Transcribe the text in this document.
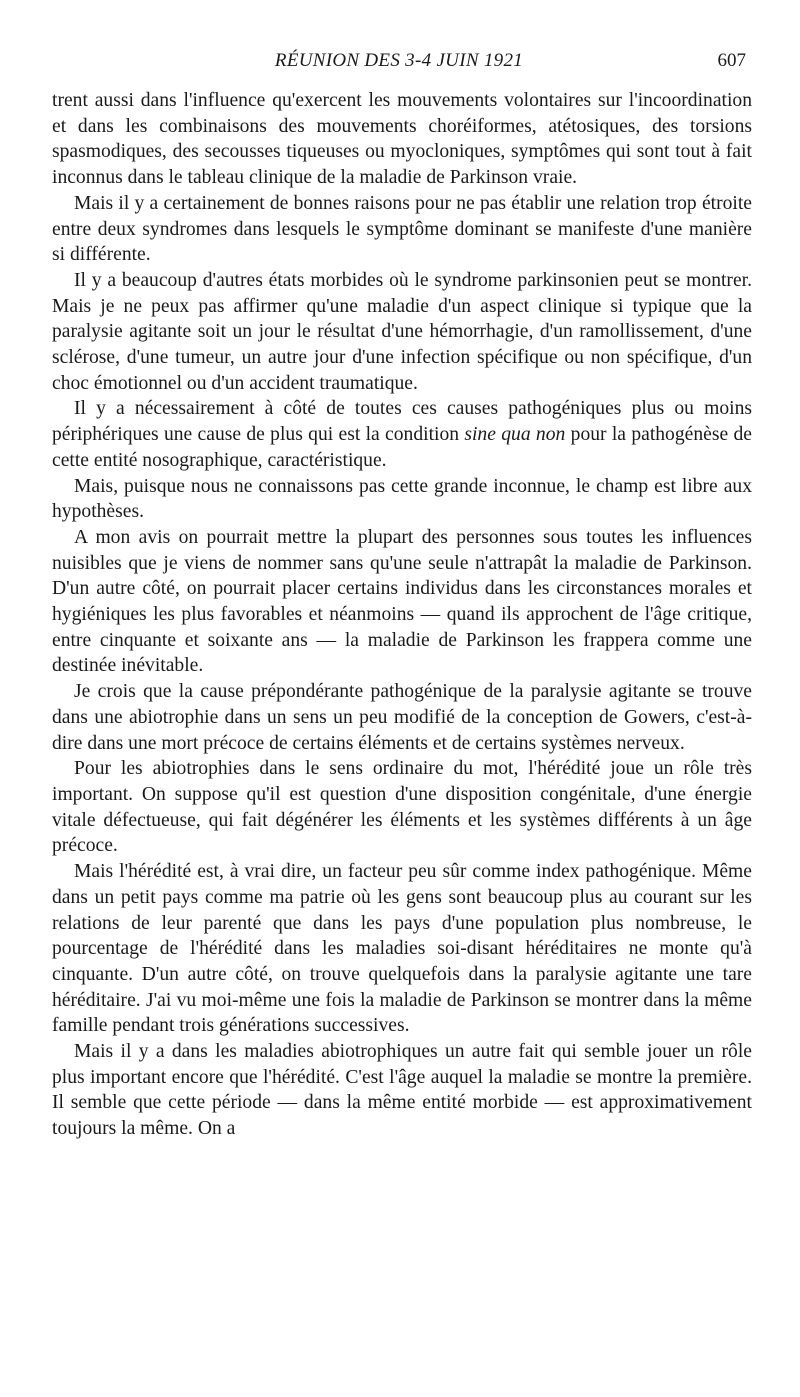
RÉUNION DES 3-4 JUIN 1921	607

trent aussi dans l'influence qu'exercent les mouvements volontaires sur l'incoordination et dans les combinaisons des mouvements choréiformes, atétosiques, des torsions spasmodiques, des secousses tiqueuses ou myocloniques, symptômes qui sont tout à fait inconnus dans le tableau clinique de la maladie de Parkinson vraie.

Mais il y a certainement de bonnes raisons pour ne pas établir une relation trop étroite entre deux syndromes dans lesquels le symptôme dominant se manifeste d'une manière si différente.

Il y a beaucoup d'autres états morbides où le syndrome parkinsonien peut se montrer. Mais je ne peux pas affirmer qu'une maladie d'un aspect clinique si typique que la paralysie agitante soit un jour le résultat d'une hémorrhagie, d'un ramollissement, d'une sclérose, d'une tumeur, un autre jour d'une infection spécifique ou non spécifique, d'un choc émotionnel ou d'un accident traumatique.

Il y a nécessairement à côté de toutes ces causes pathogéniques plus ou moins périphériques une cause de plus qui est la condition sine qua non pour la pathogénèse de cette entité nosographique, caractéristique.

Mais, puisque nous ne connaissons pas cette grande inconnue, le champ est libre aux hypothèses.

A mon avis on pourrait mettre la plupart des personnes sous toutes les influences nuisibles que je viens de nommer sans qu'une seule n'attrapât la maladie de Parkinson. D'un autre côté, on pourrait placer certains individus dans les circonstances morales et hygiéniques les plus favorables et néanmoins — quand ils approchent de l'âge critique, entre cinquante et soixante ans — la maladie de Parkinson les frappera comme une destinée inévitable.

Je crois que la cause prépondérante pathogénique de la paralysie agitante se trouve dans une abiotrophie dans un sens un peu modifié de la conception de Gowers, c'est-à-dire dans une mort précoce de certains éléments et de certains systèmes nerveux.

Pour les abiotrophies dans le sens ordinaire du mot, l'hérédité joue un rôle très important. On suppose qu'il est question d'une disposition congénitale, d'une énergie vitale défectueuse, qui fait dégénérer les éléments et les systèmes différents à un âge précoce.

Mais l'hérédité est, à vrai dire, un facteur peu sûr comme index pathogénique. Même dans un petit pays comme ma patrie où les gens sont beaucoup plus au courant sur les relations de leur parenté que dans les pays d'une population plus nombreuse, le pourcentage de l'hérédité dans les maladies soi-disant héréditaires ne monte qu'à cinquante. D'un autre côté, on trouve quelquefois dans la paralysie agitante une tare héréditaire. J'ai vu moi-même une fois la maladie de Parkinson se montrer dans la même famille pendant trois générations successives.

Mais il y a dans les maladies abiotrophiques un autre fait qui semble jouer un rôle plus important encore que l'hérédité. C'est l'âge auquel la maladie se montre la première. Il semble que cette période — dans la même entité morbide — est approximativement toujours la même. On a
